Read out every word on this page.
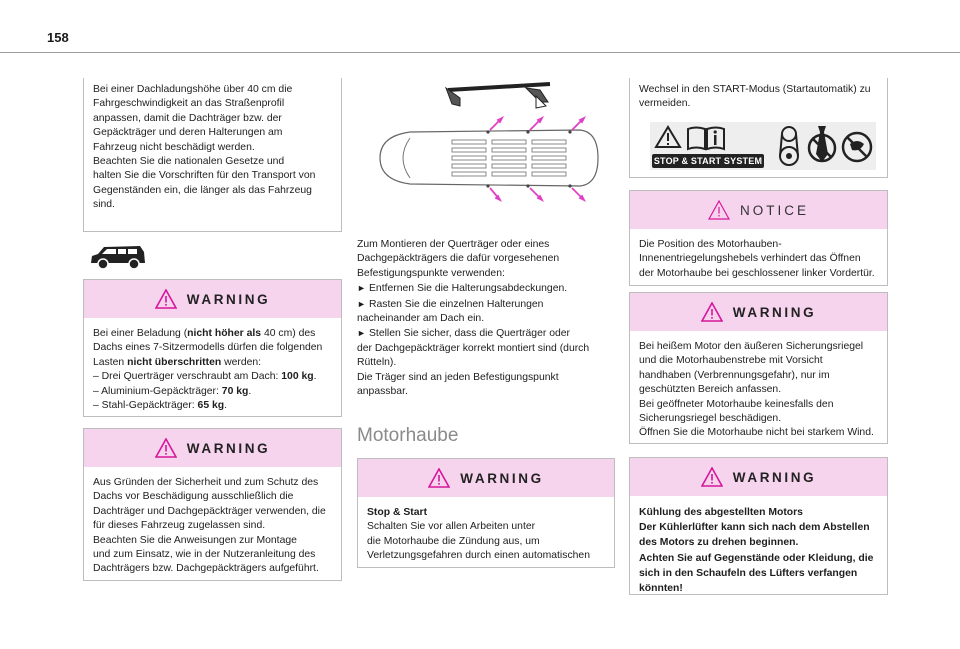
158

Bei einer Dachladungshöhe über 40 cm die

Fahrgeschwindigkeit an das Straßenprofil

anpassen, damit die Dachträger bzw. der

Gepäckträger und deren Halterungen am

Fahrzeug nicht beschädigt werden.

Beachten Sie die nationalen Gesetze und

halten Sie die Vorschriften für den Transport von

Gegenständen ein, die länger als das Fahrzeug

sind.

WARNING

Bei einer Beladung (nicht höher als 40 cm) des

Dachs eines 7-Sitzermodells dürfen die folgenden

Lasten nicht überschritten werden:

– Drei Querträger verschraubt am Dach: 100 kg.

– Aluminium-Gepäckträger: 70 kg.

– Stahl-Gepäckträger: 65 kg.

WARNING

Aus Gründen der Sicherheit und zum Schutz des

Dachs vor Beschädigung ausschließlich die

Dachträger und Dachgepäckträger verwenden, die

für dieses Fahrzeug zugelassen sind.

Beachten Sie die Anweisungen zur Montage

und zum Einsatz, wie in der Nutzeranleitung des

Dachträgers bzw. Dachgepäckträgers aufgeführt.

Zum Montieren der Querträger oder eines

Dachgepäckträgers die dafür vorgesehenen

Befestigungspunkte verwenden:

► Entfernen Sie die Halterungsabdeckungen.

► Rasten Sie die einzelnen Halterungen

nacheinander am Dach ein.

► Stellen Sie sicher, dass die Querträger oder

der Dachgepäckträger korrekt montiert sind (durch

Rütteln).

Die Träger sind an jeden Befestigungspunkt

anpassbar.

Motorhaube
WARNING

Stop & Start

Schalten Sie vor allen Arbeiten unter

die Motorhaube die Zündung aus, um

Verletzungsgefahren durch einen automatischen

Wechsel in den START-Modus (Startautomatik) zu

vermeiden.

STOP & START SYSTEM
NOTICE

Die Position des Motorhauben-

Innenentriegelungshebels verhindert das Öffnen

der Motorhaube bei geschlossener linker Vordertür.

WARNING

Bei heißem Motor den äußeren Sicherungsriegel

und die Motorhaubenstrebe mit Vorsicht

handhaben (Verbrennungsgefahr), nur im

geschützten Bereich anfassen.

Bei geöffneter Motorhaube keinesfalls den

Sicherungsriegel beschädigen.

Öffnen Sie die Motorhaube nicht bei starkem Wind.

WARNING

Kühlung des abgestellten Motors

Der Kühlerlüfter kann sich nach dem Abstellen

des Motors zu drehen beginnen.

Achten Sie auf Gegenstände oder Kleidung, die

sich in den Schaufeln des Lüfters verfangen

könnten!
